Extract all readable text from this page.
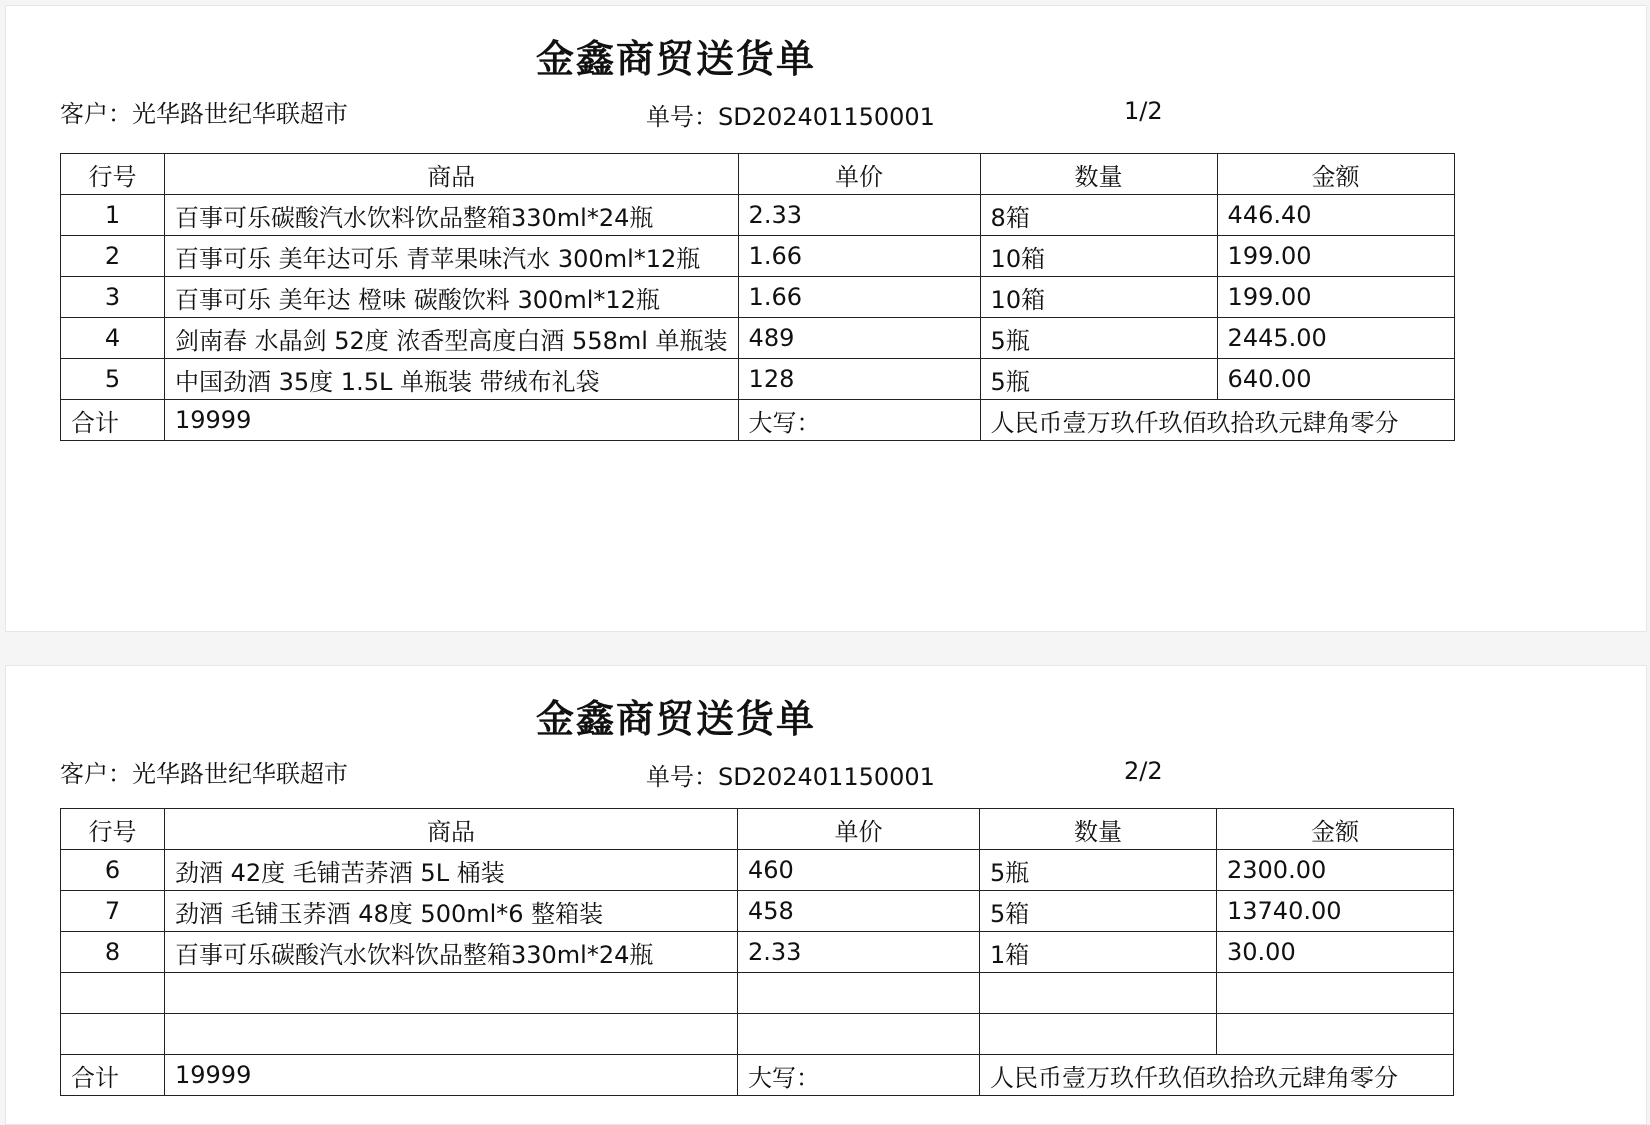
金鑫商贸送货单
客户：光华路世纪华联超市	单号：SD202401150001	1/2
行号	商品	单价	数量	金额
1	百事可乐碳酸汽水饮料饮品整箱330ml*24瓶	2.33	8箱	446.40
2	百事可乐 美年达可乐 青苹果味汽水 300ml*12瓶	1.66	10箱	199.00
3	百事可乐 美年达 橙味 碳酸饮料 300ml*12瓶	1.66	10箱	199.00
4	剑南春 水晶剑 52度 浓香型高度白酒 558ml 单瓶装	489	5瓶	2445.00
5	中国劲酒 35度 1.5L 单瓶装 带绒布礼袋	128	5瓶	640.00
合计	19999	大写：	人民币壹万玖仟玖佰玖拾玖元肆角零分	
金鑫商贸送货单
客户：光华路世纪华联超市	单号：SD202401150001	2/2
行号	商品	单价	数量	金额
6	劲酒 42度 毛铺苦荞酒 5L 桶装	460	5瓶	2300.00
7	劲酒 毛铺玉荞酒 48度 500ml*6 整箱装	458	5箱	13740.00
8	百事可乐碳酸汽水饮料饮品整箱330ml*24瓶	2.33	1箱	30.00

合计	19999	大写：	人民币壹万玖仟玖佰玖拾玖元肆角零分	
